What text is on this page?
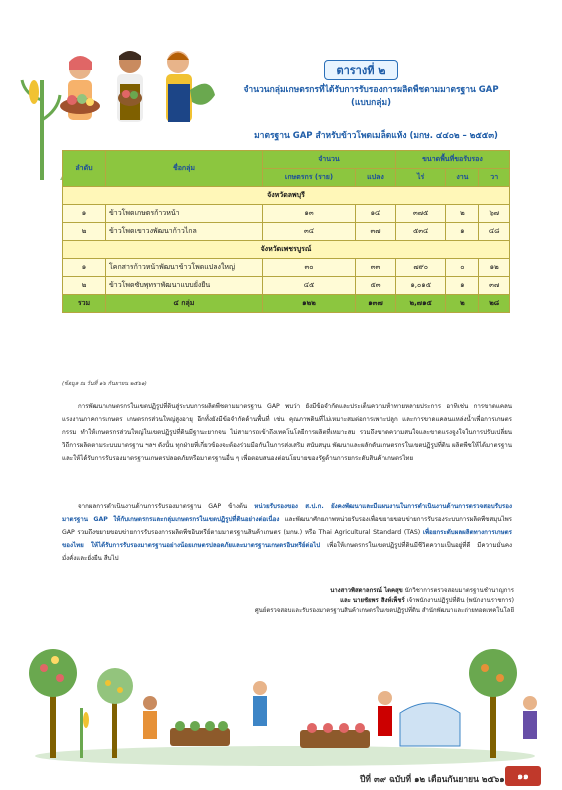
ตารางที่ ๒
จำนวนกลุ่มเกษตรกรที่ได้รับการรับรองการผลิตพืชตามมาตรฐาน GAP
(แบบกลุ่ม)
มาตรฐาน GAP สำหรับข้าวโพดเมล็ดแห้ง (มกษ. ๔๔๐๒ – ๒๕๕๓)
ลำดับ	ชื่อกลุ่ม	จำนวน		ขนาดพื้นที่ขอรับรอง		
		เกษตรกร (ราย)	แปลง	ไร่	งาน	วา
จังหวัดลพบุรี						
๑	ข้าวโพดเกษตรก้าวหน้า	๑๓	๑๔	๓๗๕	๒	๖๗
๒	ข้าวโพดเขาวงพัฒนาก้าวไกล	๓๔	๓๗	๕๓๔	๑	๔๘
จังหวัดเพชรบูรณ์						
๑	โคกสารก้าวหน้าพัฒนาข้าวโพดแปลงใหญ่	๓๐	๓๓	๗๙๐	๐	๑๒
๒	ข้าวโพดซับพุทราพัฒนาแบบยั่งยืน	๔๕	๕๓	๑,๐๑๕	๑	๓๗
รวม	๔ กลุ่ม	๑๒๒	๑๓๗	๒,๗๑๕	๒	๒๘
(ข้อมูล ณ วันที่ ๑๖ กันยายน ๒๕๖๑)
การพัฒนาเกษตรกรในเขตปฏิรูปที่ดินสู่ระบบการผลิตพืชตามมาตรฐาน GAP พบว่า ยังมีข้อจำกัดและประเด็นความท้าทายหลายประการ อาทิเช่น การขาดแคลนแรงงานภาคการเกษตร เกษตรกรส่วนใหญ่สูงอายุ อีกทั้งยังมีข้อจำกัดด้านพื้นที่ เช่น คุณภาพดินที่ไม่เหมาะสมต่อการเพาะปลูก และการขาดแคลนแหล่งน้ำเพื่อการเกษตรกรรม ทำให้เกษตรกรส่วนใหญ่ในเขตปฏิรูปที่ดินมีฐานะยากจน ไม่สามารถเข้าถึงเทคโนโลยีการผลิตที่เหมาะสม รวมถึงขาดความสนใจและขาดแรงจูงใจในการปรับเปลี่ยนวิถีการผลิตตามระบบมาตรฐาน ฯลฯ ดังนั้น ทุกฝ่ายที่เกี่ยวข้องจะต้องร่วมมือกันในการส่งเสริม สนับสนุน พัฒนาและผลักดันเกษตรกรในเขตปฏิรูปที่ดิน ผลิตพืชให้ได้มาตรฐาน และให้ได้รับการรับรองมาตรฐานเกษตรปลอดภัยหรือมาตรฐานอื่น ๆ เพื่อตอบสนองต่อนโยบายของรัฐด้านการยกระดับสินค้าเกษตรไทย
จากผลการดำเนินงานด้านการรับรองมาตรฐาน GAP ข้างต้น หน่วยรับรองของ ส.ป.ก. ยังคงพัฒนาและมีแผนงานในการดำเนินงานด้านการตรวจสอบรับรองมาตรฐาน GAP ให้กับเกษตรกรและกลุ่มเกษตรกรในเขตปฏิรูปที่ดินอย่างต่อเนื่อง และพัฒนาศักยภาพหน่วยรับรองเพื่อขยายขอบข่ายการรับรองระบบการผลิตพืชสมุนไพร GAP รวมถึงขยายขอบข่ายการรับรองการผลิตพืชอินทรีย์ตามมาตรฐานสินค้าเกษตร (มกษ.) หรือ Thai Agricultural Standard (TAS) เพื่อยกระดับผลผลิตทางการเกษตรของไทย ให้ได้รับการรับรองมาตรฐานอย่างน้อยเกษตรปลอดภัยและมาตรฐานเกษตรอินทรีย์ต่อไป เพื่อให้เกษตรกรในเขตปฏิรูปที่ดินมีชีวิตความเป็นอยู่ที่ดี มีความมั่นคง มั่งคั่งและยั่งยืน สืบไป
นางสาวพิสดาลกรณ์ ไตคสุข นักวิชาการตรวจสอบมาตรฐานชำนาญการ
และ นายชัยพร สิงห์เพ็ชร์ เจ้าพนักงานปฏิรูปที่ดิน (พนักงานราชการ)
ศูนย์ตรวจสอบและรับรองมาตรฐานสินค้าเกษตรในเขตปฏิรูปที่ดิน สำนักพัฒนาและถ่ายทอดเทคโนโลยี
ปีที่ ๓๙ ฉบับที่ ๑๒ เดือนกันยายน ๒๕๖๑	๑๑
